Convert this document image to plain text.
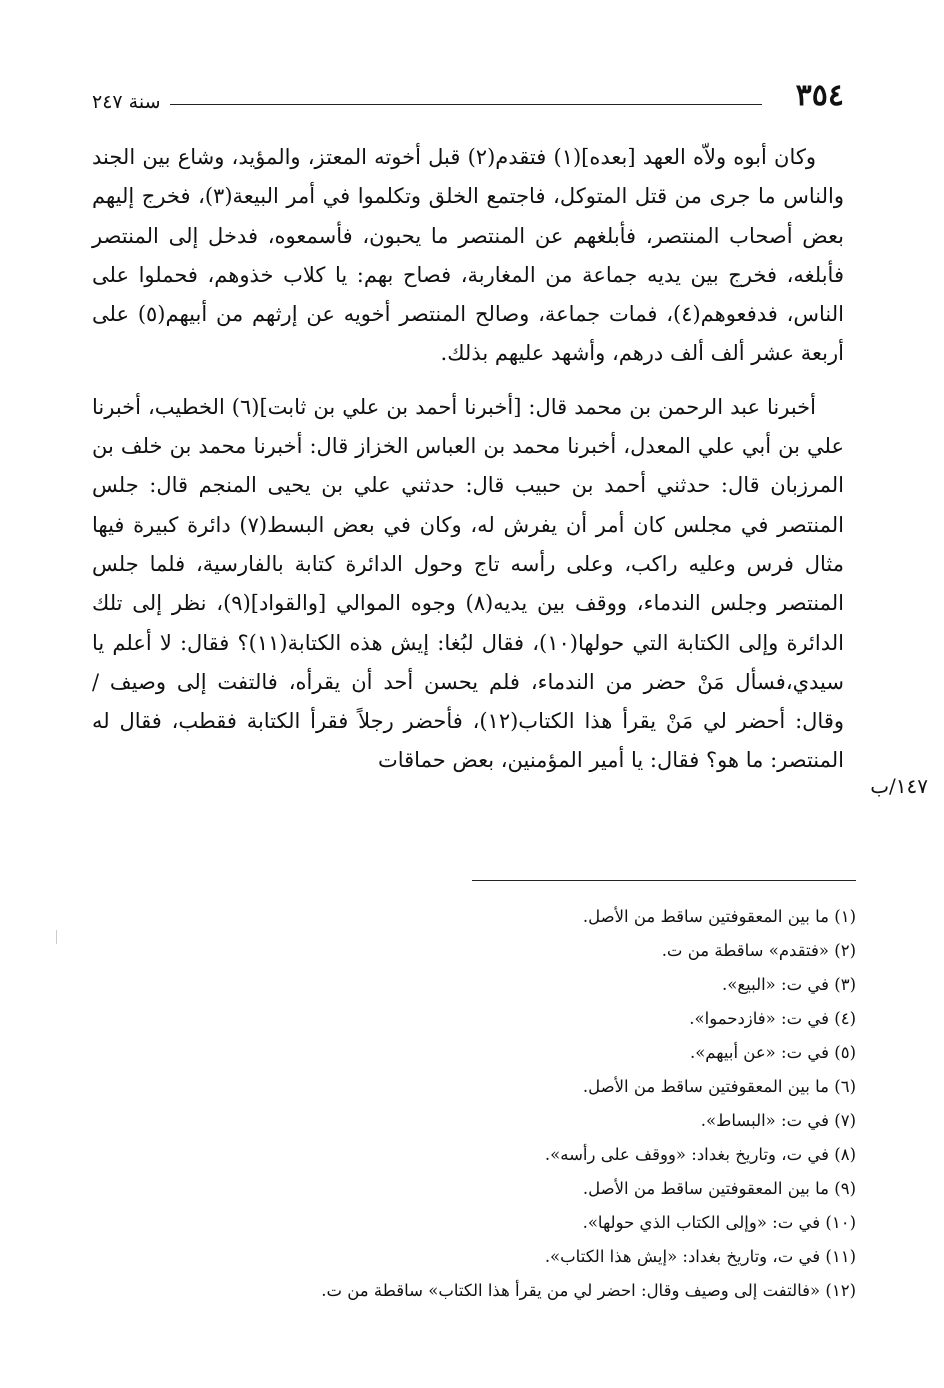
٣٥٤
سنة ٢٤٧

وكان أبوه ولاّه العهد [بعده](١) فتقدم(٢) قبل أخوته المعتز، والمؤيد، وشاع بين الجند والناس ما جرى من قتل المتوكل، فاجتمع الخلق وتكلموا في أمر البيعة(٣)، فخرج إليهم بعض أصحاب المنتصر، فأبلغهم عن المنتصر ما يحبون، فأسمعوه، فدخل إلى المنتصر فأبلغه، فخرج بين يديه جماعة من المغاربة، فصاح بهم: يا كلاب خذوهم، فحملوا على الناس، فدفعوهم(٤)، فمات جماعة، وصالح المنتصر أخويه عن إرثهم من أبيهم(٥) على أربعة عشر ألف ألف درهم، وأشهد عليهم بذلك.

أخبرنا عبد الرحمن بن محمد قال: [أخبرنا أحمد بن علي بن ثابت](٦) الخطيب، أخبرنا علي بن أبي علي المعدل، أخبرنا محمد بن العباس الخزاز قال: أخبرنا محمد بن خلف بن المرزبان قال: حدثني أحمد بن حبيب قال: حدثني علي بن يحيى المنجم قال: جلس المنتصر في مجلس كان أمر أن يفرش له، وكان في بعض البسط(٧) دائرة كبيرة فيها مثال فرس وعليه راكب، وعلى رأسه تاج وحول الدائرة كتابة بالفارسية، فلما جلس المنتصر وجلس الندماء، ووقف بين يديه(٨) وجوه الموالي [والقواد](٩)، نظر إلى تلك الدائرة وإلى الكتابة التي حولها(١٠)، فقال لبُغا: إيش هذه الكتابة(١١)؟ فقال: لا أعلم يا سيدي،فسأل مَنْ حضر من الندماء، فلم يحسن أحد أن يقرأه، فالتفت إلى وصيف / وقال: أحضر لي مَنْ يقرأ هذا الكتاب(١٢)، فأحضر رجلاً فقرأ الكتابة فقطب، فقال له المنتصر: ما هو؟ فقال: يا أمير المؤمنين، بعض حماقات

١٤٧/ب

(١) ما بين المعقوفتين ساقط من الأصل.

(٢) «فتقدم» ساقطة من ت.

(٣) في ت: «البيع».

(٤) في ت: «فازدحموا».

(٥) في ت: «عن أبيهم».

(٦) ما بين المعقوفتين ساقط من الأصل.

(٧) في ت: «البساط».

(٨) في ت، وتاريخ بغداد: «ووقف على رأسه».

(٩) ما بين المعقوفتين ساقط من الأصل.

(١٠) في ت: «وإلى الكتاب الذي حولها».

(١١) في ت، وتاريخ بغداد: «إيش هذا الكتاب».

(١٢) «فالتفت إلى وصيف وقال: احضر لي من يقرأ هذا الكتاب» ساقطة من ت.
